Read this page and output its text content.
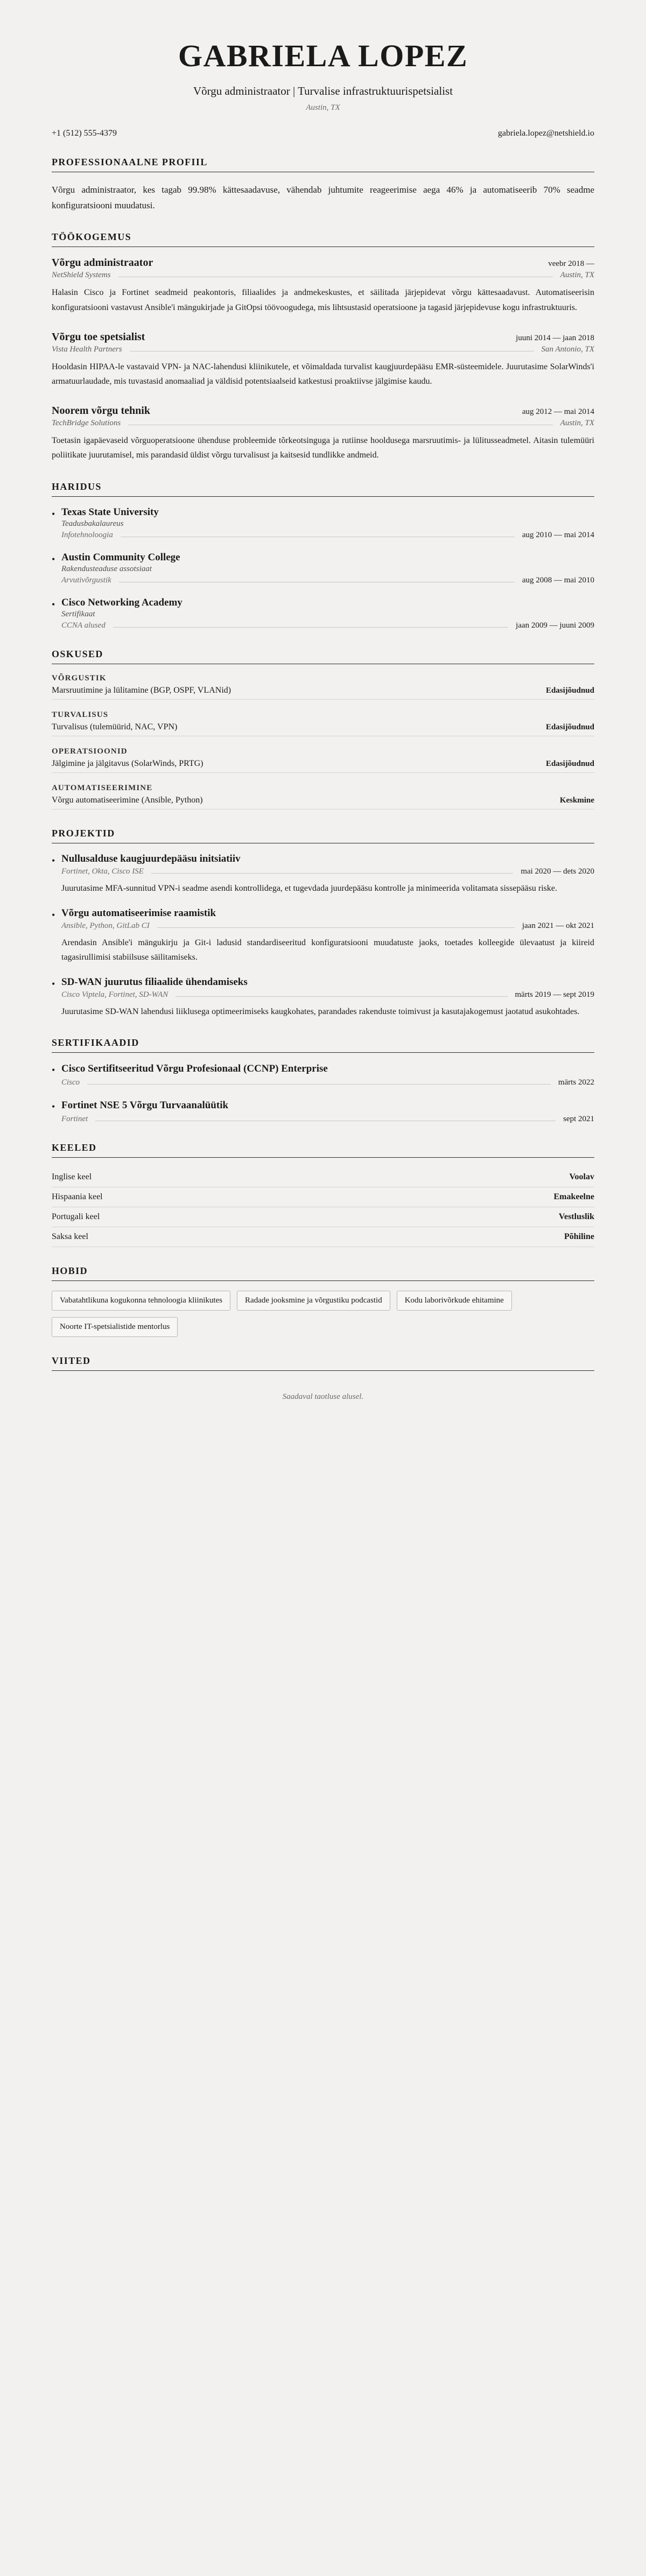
GABRIELA LOPEZ
Võrgu administraator | Turvalise infrastruktuurispetsialist
Austin, TX
+1 (512) 555-4379	gabriela.lopez@netshield.io
PROFESSIONAALNE PROFIIL
Võrgu administraator, kes tagab 99.98% kättesaadavuse, vähendab juhtumite reageerimise aega 46% ja automatiseerib 70% seadme konfiguratsiooni muudatusi.
TÖÖKOGEMUS
Võrgu administraator	veebr 2018 —
NetShield Systems	Austin, TX
Halasin Cisco ja Fortinet seadmeid peakontoris, filiaalides ja andmekeskustes, et säilitada järjepidevat võrgu kättesaadavust. Automatiseerisin konfiguratsiooni vastavust Ansible'i mängukirjade ja GitOpsi töövoogudega, mis lihtsustasid operatsioone ja tagasid järjepidevuse kogu infrastruktuuris.
Võrgu toe spetsialist	juuni 2014 — jaan 2018
Vista Health Partners	San Antonio, TX
Hooldasin HIPAA-le vastavaid VPN- ja NAC-lahendusi kliinikutele, et võimaldada turvalist kaugjuurdepääsu EMR-süsteemidele. Juurutasime SolarWinds'i armatuurlaudade, mis tuvastasid anomaaliad ja väldisid potentsiaalseid katkestusi proaktiivse jälgimise kaudu.
Noorem võrgu tehnik	aug 2012 — mai 2014
TechBridge Solutions	Austin, TX
Toetasin igapäevaseid võrguoperatsioone ühenduse probleemide tõrkeotsinguga ja rutiinse hooldusega marsruutimis- ja lülitusseadmetel. Aitasin tulemüüri poliitikate juurutamisel, mis parandasid üldist võrgu turvalisust ja kaitsesid tundlikke andmeid.
HARIDUS
• Texas State University
Teadusbakalaureus
Infotehnoloogia	aug 2010 — mai 2014
• Austin Community College
Rakendusteaduse assotsiaat
Arvutivõrgustik	aug 2008 — mai 2010
• Cisco Networking Academy
Sertifikaat
CCNA alused	jaan 2009 — juuni 2009
OSKUSED
VÕRGUSTIK
Marsruutimine ja lülitamine (BGP, OSPF, VLANid)	Edasijõudnud
TURVALISUS
Turvalisus (tulemüürid, NAC, VPN)	Edasijõudnud
OPERATSIOONID
Jälgimine ja jälgitavus (SolarWinds, PRTG)	Edasijõudnud
AUTOMATISEERIMINE
Võrgu automatiseerimine (Ansible, Python)	Keskmine
PROJEKTID
• Nullusalduse kaugjuurdepääsu initsiatiiv
Fortinet, Okta, Cisco ISE	mai 2020 — dets 2020
Juurutasime MFA-sunnitud VPN-i seadme asendi kontrollidega, et tugevdada juurdepääsu kontrolle ja minimeerida volitamata sissepääsu riske.
• Võrgu automatiseerimise raamistik
Ansible, Python, GitLab CI	jaan 2021 — okt 2021
Arendasin Ansible'i mängukirju ja Git-i ladusid standardiseeritud konfiguratsiooni muudatuste jaoks, toetades kolleegide ülevaatust ja kiireid tagasirullimisi stabiilsuse säilitamiseks.
• SD-WAN juurutus filiaalide ühendamiseks
Cisco Viptela, Fortinet, SD-WAN	märts 2019 — sept 2019
Juurutasime SD-WAN lahendusi liiklusega optimeerimiseks kaugkohates, parandades rakenduste toimivust ja kasutajakogemust jaotatud asukohtades.
SERTIFIKAADID
• Cisco Sertifitseeritud Võrgu Profesionaal (CCNP) Enterprise
Cisco	märts 2022
• Fortinet NSE 5 Võrgu Turvaanalüütik
Fortinet	sept 2021
KEELED
Inglise keel	Voolav
Hispaania keel	Emakeelne
Portugali keel	Vestluslik
Saksa keel	Põhiline
HOBID
Vabatahtlikuna kogukonna tehnoloogia kliinikutes	Radade jooksmine ja võrgustiku podcastid	Kodu laborivõrkude ehitamine
Noorte IT-spetsialistide mentorlus
VIITED
Saadaval taotluse alusel.
